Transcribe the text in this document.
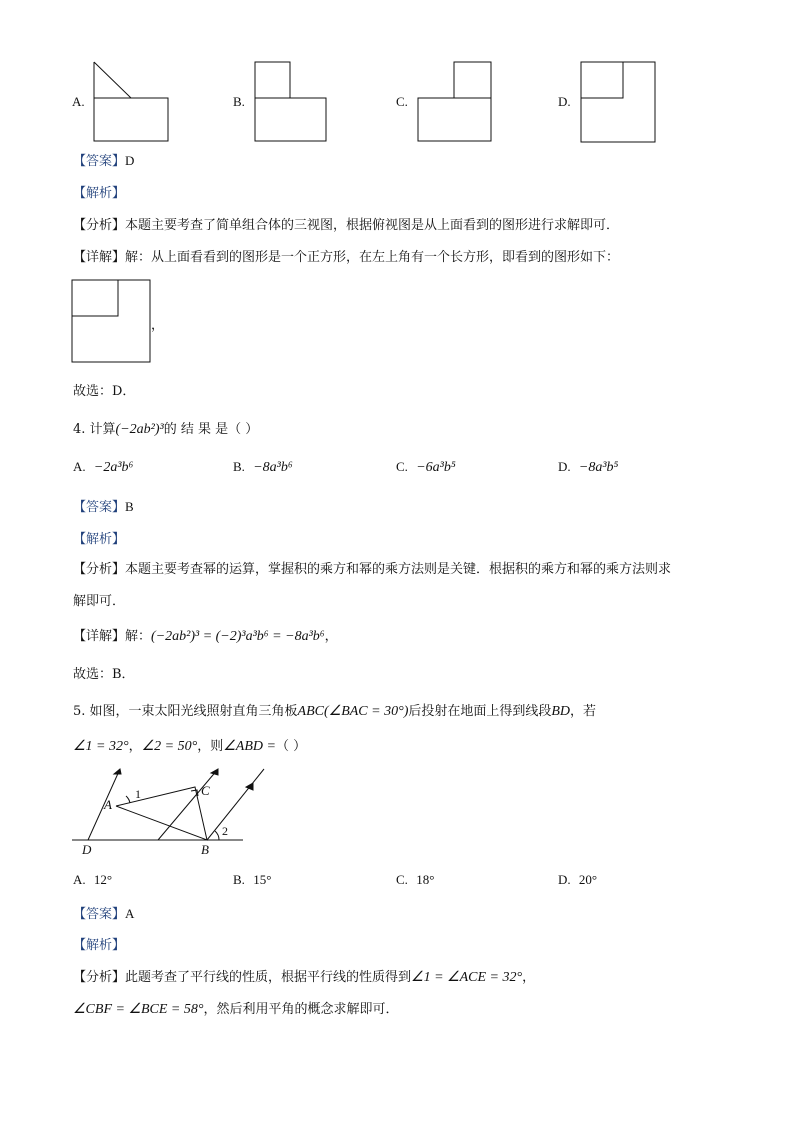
A.	B.	C.	D.
【答案】D
【解析】
【分析】本题主要考查了简单组合体的三视图，根据俯视图是从上面看到的图形进行求解即可．
【详解】解：从上面看看到的图形是一个正方形，在左上角有一个长方形，即看到的图形如下：
，
故选：D．
4. 计算(−2ab²)³的 结 果 是（ ）
A. −2a³b⁶	B. −8a³b⁶	C. −6a³b⁵	D. −8a³b⁵
【答案】B
【解析】
【分析】本题主要考查幂的运算，掌握积的乘方和幂的乘方法则是关键．根据积的乘方和幂的乘方法则求
解即可．
【详解】解：(−2ab²)³ = (−2)³a³b⁶ = −8a³b⁶，
故选：B．
5. 如图，一束太阳光线照射直角三角板ABC(∠BAC = 30°)后投射在地面上得到线段BD，若
∠1 = 32°，∠2 = 50°，则∠ABD =（ ）
A
1	C
2
D	B
A. 12°	B. 15°	C. 18°	D. 20°
【答案】A
【解析】
【分析】此题考查了平行线的性质，根据平行线的性质得到∠1 = ∠ACE = 32°，
∠CBF = ∠BCE = 58°，然后利用平角的概念求解即可．
